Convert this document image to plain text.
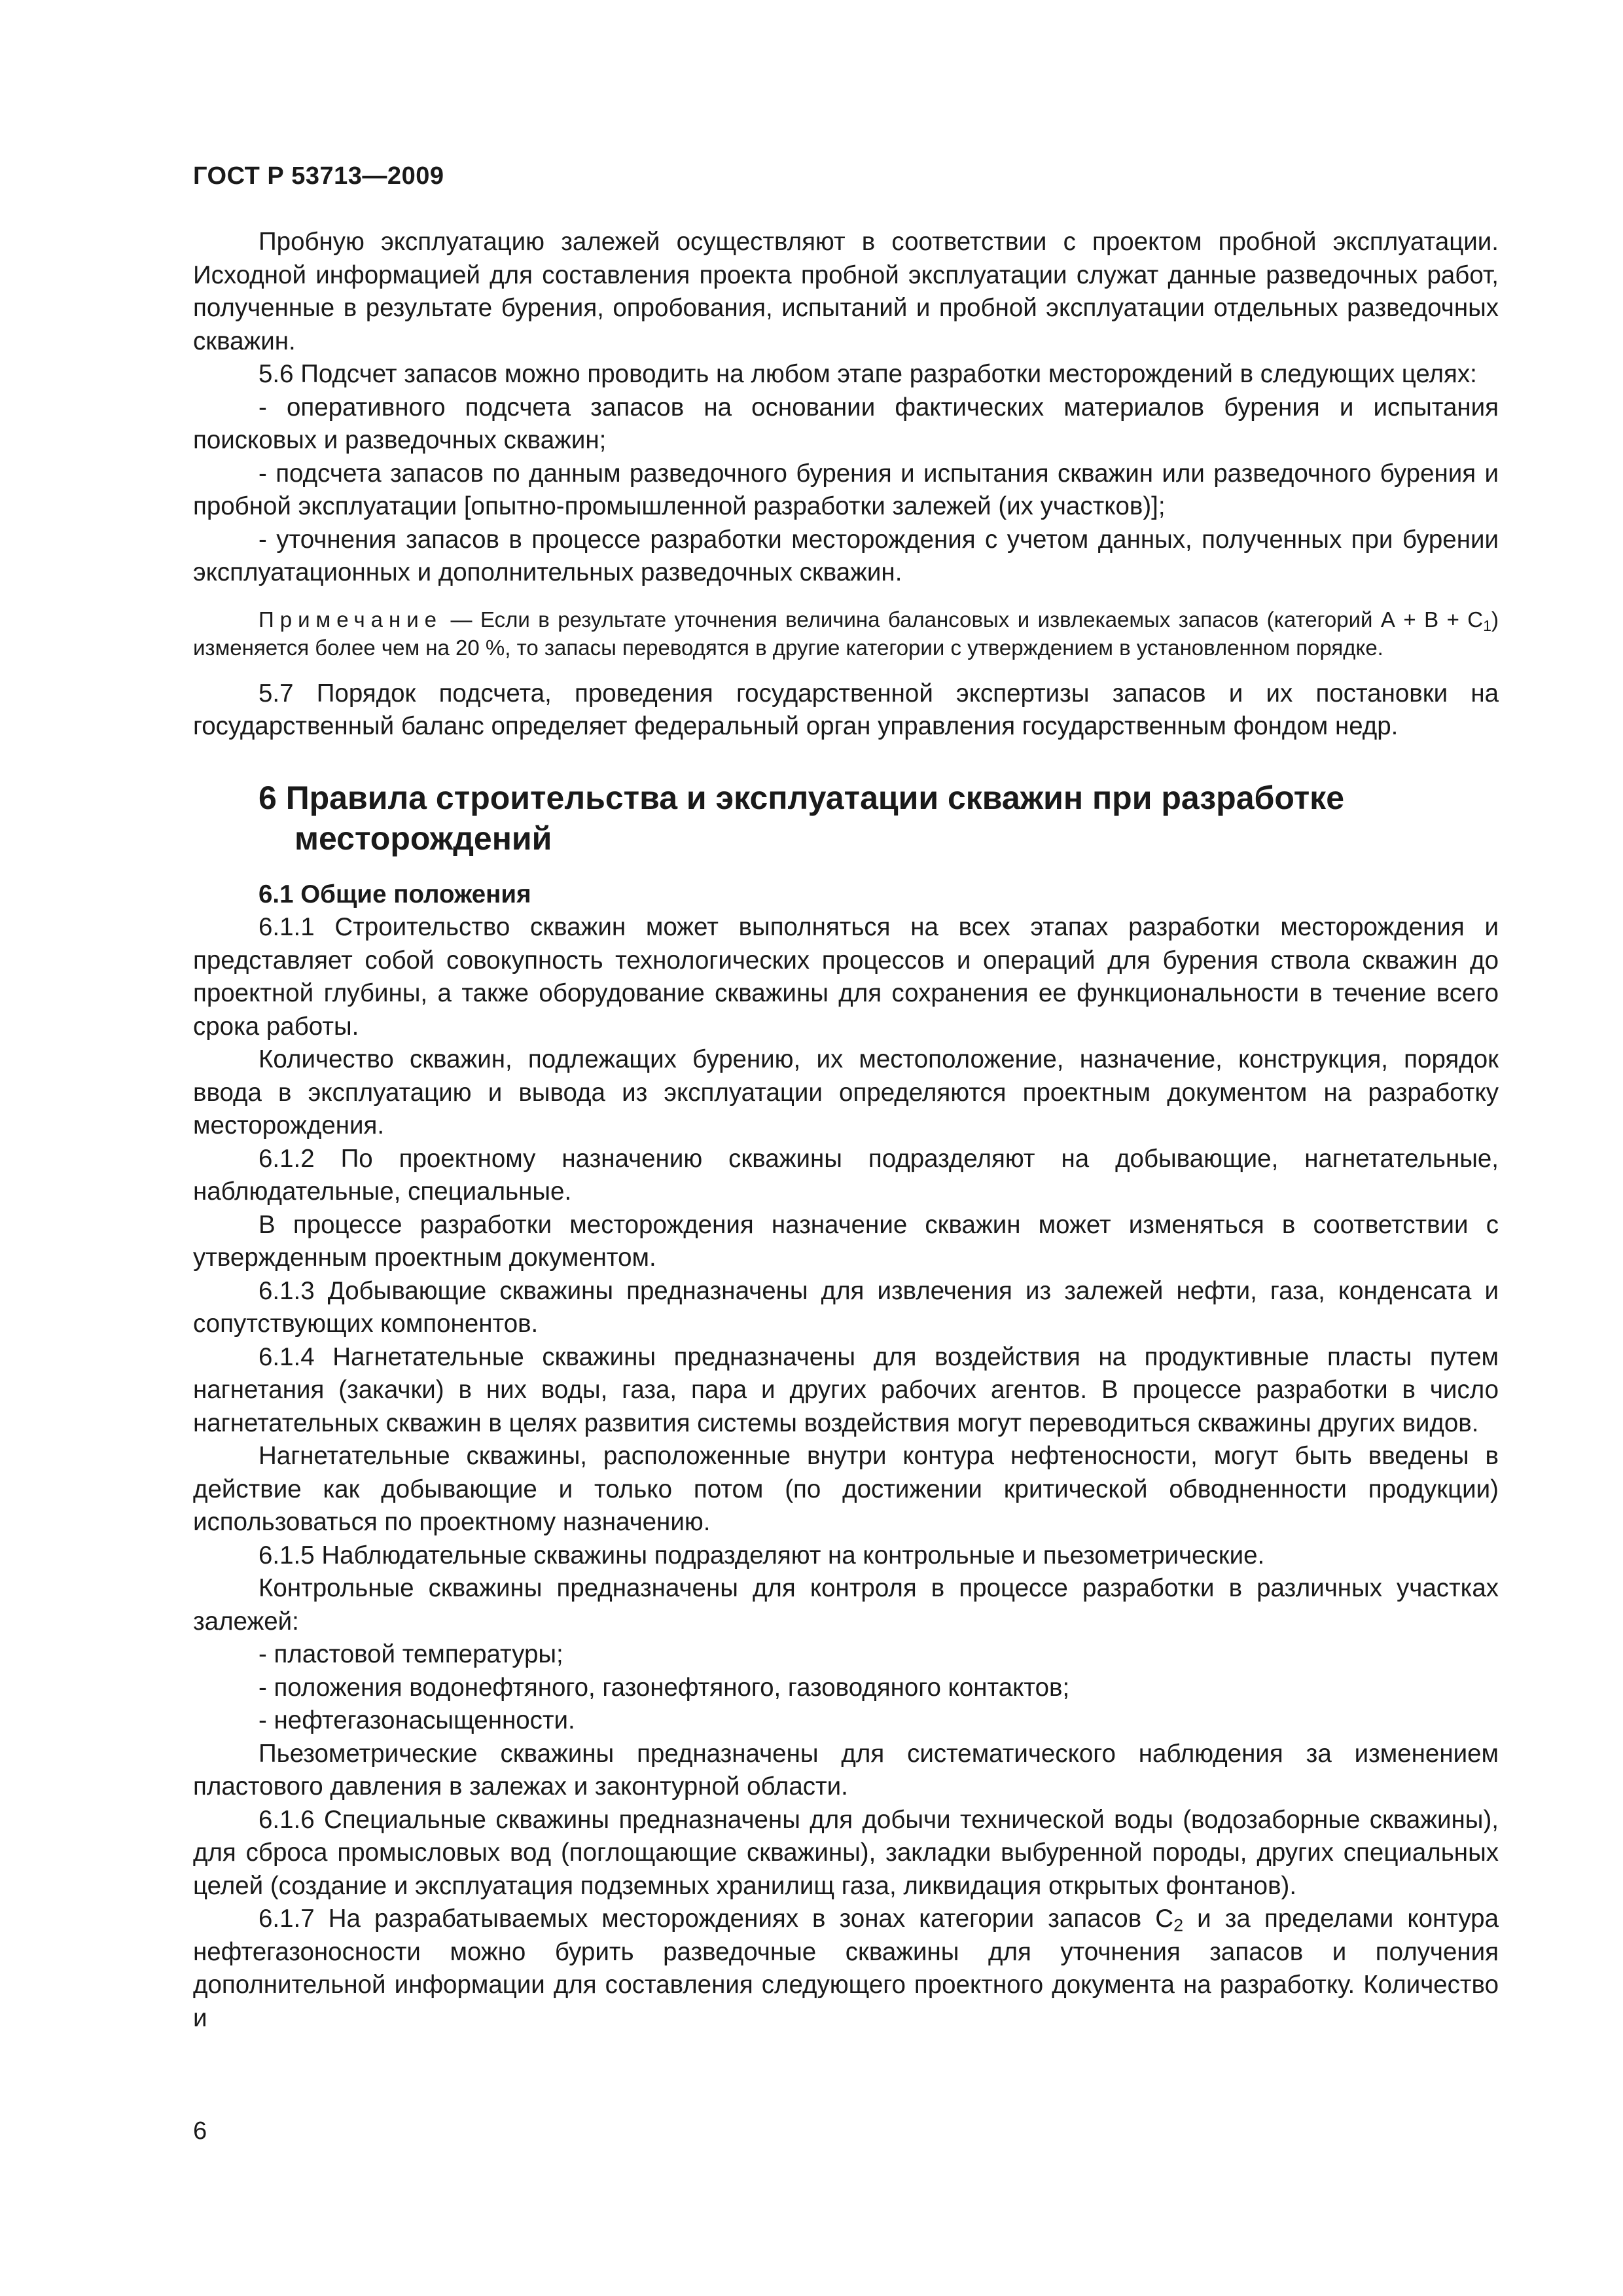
ГОСТ Р 53713—2009

Пробную эксплуатацию залежей осуществляют в соответствии с проектом пробной эксплуатации. Исходной информацией для составления проекта пробной эксплуатации служат данные разведочных работ, полученные в результате бурения, опробования, испытаний и пробной эксплуатации отдельных разведочных скважин.

5.6 Подсчет запасов можно проводить на любом этапе разработки месторождений в следующих целях:

- оперативного подсчета запасов на основании фактических материалов бурения и испытания поисковых и разведочных скважин;

- подсчета запасов по данным разведочного бурения и испытания скважин или разведочного бурения и пробной эксплуатации [опытно-промышленной разработки залежей (их участков)];

- уточнения запасов в процессе разработки месторождения с учетом данных, полученных при бурении эксплуатационных и дополнительных разведочных скважин.

Примечание — Если в результате уточнения величина балансовых и извлекаемых запасов (категорий $А + В + С_1$) изменяется более чем на 20 %, то запасы переводятся в другие категории с утверждением в установленном порядке.

5.7 Порядок подсчета, проведения государственной экспертизы запасов и их постановки на государственный баланс определяет федеральный орган управления государственным фондом недр.

6 Правила строительства и эксплуатации скважин при разработке месторождений
6.1 Общие положения

6.1.1 Строительство скважин может выполняться на всех этапах разработки месторождения и представляет собой совокупность технологических процессов и операций для бурения ствола скважин до проектной глубины, а также оборудование скважины для сохранения ее функциональности в течение всего срока работы.

Количество скважин, подлежащих бурению, их местоположение, назначение, конструкция, порядок ввода в эксплуатацию и вывода из эксплуатации определяются проектным документом на разработку месторождения.

6.1.2 По проектному назначению скважины подразделяют на добывающие, нагнетательные, наблюдательные, специальные.

В процессе разработки месторождения назначение скважин может изменяться в соответствии с утвержденным проектным документом.

6.1.3 Добывающие скважины предназначены для извлечения из залежей нефти, газа, конденсата и сопутствующих компонентов.

6.1.4 Нагнетательные скважины предназначены для воздействия на продуктивные пласты путем нагнетания (закачки) в них воды, газа, пара и других рабочих агентов. В процессе разработки в число нагнетательных скважин в целях развития системы воздействия могут переводиться скважины других видов.

Нагнетательные скважины, расположенные внутри контура нефтеносности, могут быть введены в действие как добывающие и только потом (по достижении критической обводненности продукции) использоваться по проектному назначению.

6.1.5 Наблюдательные скважины подразделяют на контрольные и пьезометрические.

Контрольные скважины предназначены для контроля в процессе разработки в различных участках залежей:

- пластовой температуры;

- положения водонефтяного, газонефтяного, газоводяного контактов;

- нефтегазонасыщенности.

Пьезометрические скважины предназначены для систематического наблюдения за изменением пластового давления в залежах и законтурной области.

6.1.6 Специальные скважины предназначены для добычи технической воды (водозаборные скважины), для сброса промысловых вод (поглощающие скважины), закладки выбуренной породы, других специальных целей (создание и эксплуатация подземных хранилищ газа, ликвидация открытых фонтанов).

6.1.7 На разрабатываемых месторождениях в зонах категории запасов $С_2$ и за пределами контура нефтегазоносности можно бурить разведочные скважины для уточнения запасов и получения дополнительной информации для составления следующего проектного документа на разработку. Количество и

6
